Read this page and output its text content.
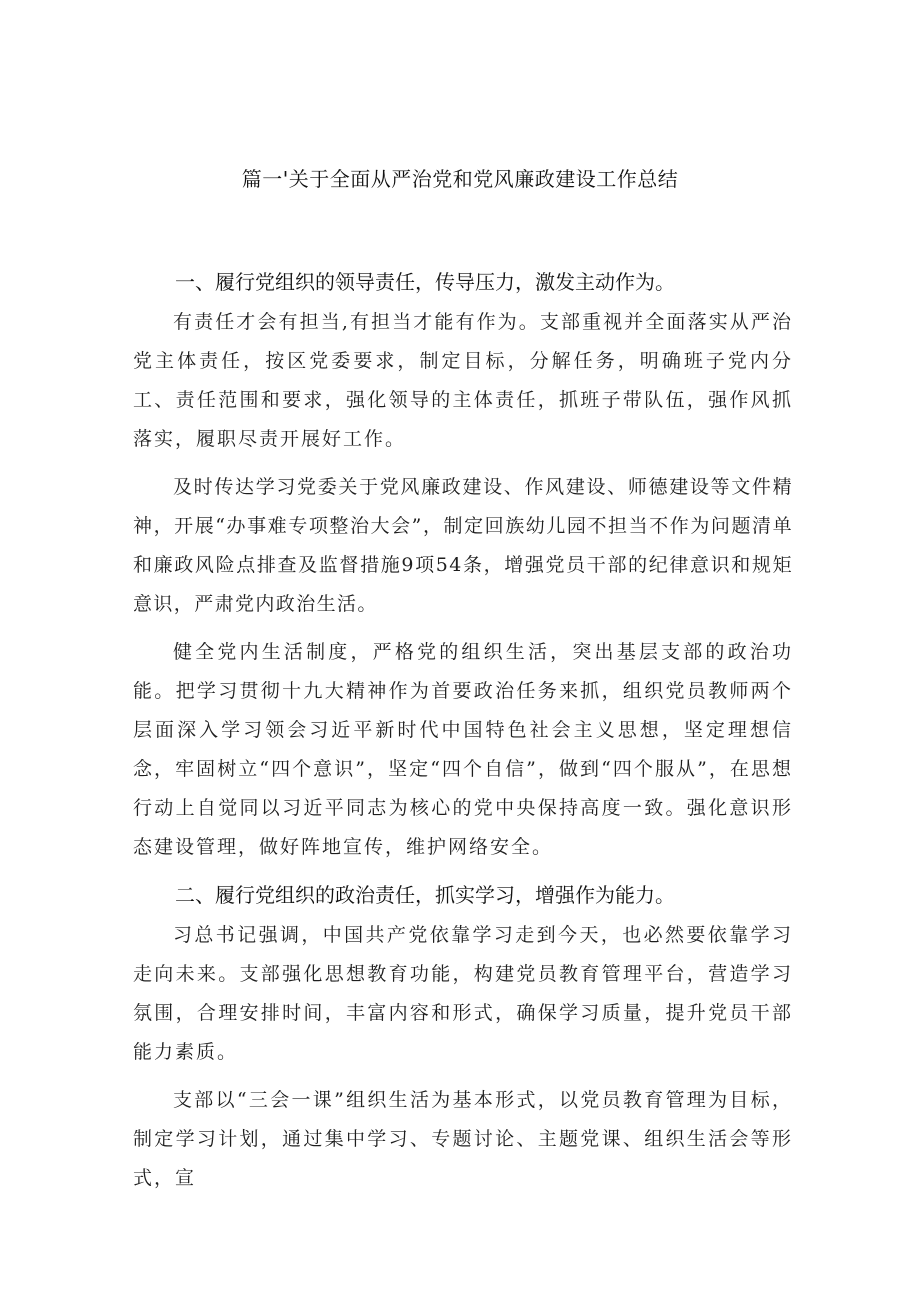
篇一'关于全面从严治党和党风廉政建设工作总结
一、履行党组织的领导责任，传导压力，激发主动作为。

有责任才会有担当,有担当才能有作为。支部重视并全面落实从严治党主体责任，按区党委要求，制定目标，分解任务，明确班子党内分工、责任范围和要求，强化领导的主体责任，抓班子带队伍，强作风抓落实，履职尽责开展好工作。

及时传达学习党委关于党风廉政建设、作风建设、师德建设等文件精神，开展“办事难专项整治大会”，制定回族幼儿园不担当不作为问题清单和廉政风险点排查及监督措施9项54条，增强党员干部的纪律意识和规矩意识，严肃党内政治生活。

健全党内生活制度，严格党的组织生活，突出基层支部的政治功能。把学习贯彻十九大精神作为首要政治任务来抓，组织党员教师两个层面深入学习领会习近平新时代中国特色社会主义思想，坚定理想信念，牢固树立“四个意识”，坚定“四个自信”，做到“四个服从”，在思想行动上自觉同以习近平同志为核心的党中央保持高度一致。强化意识形态建设管理，做好阵地宣传，维护网络安全。

二、履行党组织的政治责任，抓实学习，增强作为能力。

习总书记强调，中国共产党依靠学习走到今天，也必然要依靠学习走向未来。支部强化思想教育功能，构建党员教育管理平台，营造学习氛围，合理安排时间，丰富内容和形式，确保学习质量，提升党员干部能力素质。

支部以“三会一课”组织生活为基本形式，以党员教育管理为目标，制定学习计划，通过集中学习、专题讨论、主题党课、组织生活会等形式，宣
